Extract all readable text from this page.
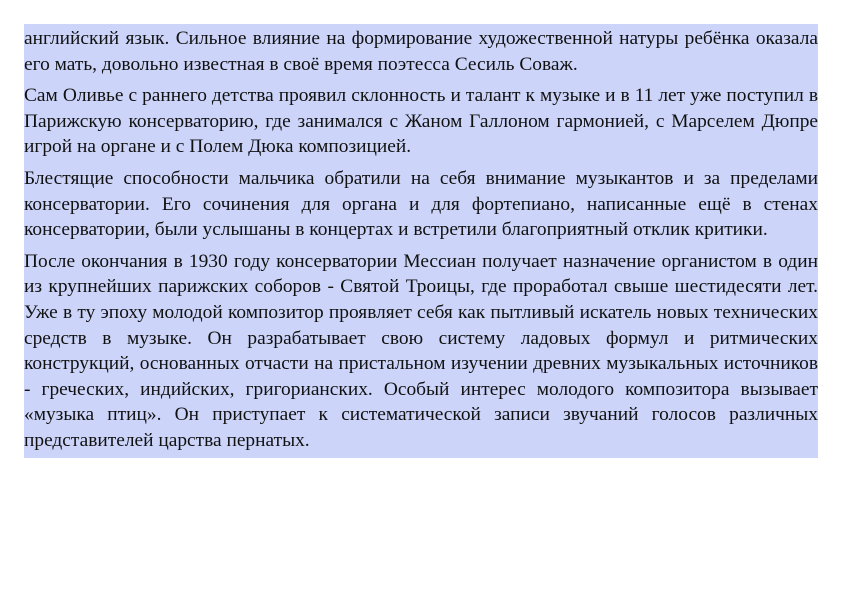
английский язык. Сильное влияние на формирование художественной натуры ребёнка оказала его мать, довольно известная в своё время поэтесса Сесиль Соваж.

Сам Оливье с раннего детства проявил склонность и талант к музыке и в 11 лет уже поступил в Парижскую консерваторию, где занимался с Жаном Галлоном гармонией, с Марселем Дюпре игрой на органе и с Полем Дюка композицией.

Блестящие способности мальчика обратили на себя внимание музыкантов и за пределами консерватории. Его сочинения для органа и для фортепиано, написанные ещё в стенах консерватории, были услышаны в концертах и встретили благоприятный отклик критики.

После окончания в 1930 году консерватории Мессиан получает назначение органистом в один из крупнейших парижских соборов - Святой Троицы, где проработал свыше шестидесяти лет. Уже в ту эпоху молодой композитор проявляет себя как пытливый искатель новых технических средств в музыке. Он разрабатывает свою систему ладовых формул и ритмических конструкций, основанных отчасти на пристальном изучении древних музыкальных источников - греческих, индийских, григорианских. Особый интерес молодого композитора вызывает «музыка птиц». Он приступает к систематической записи звучаний голосов различных представителей царства пернатых.
